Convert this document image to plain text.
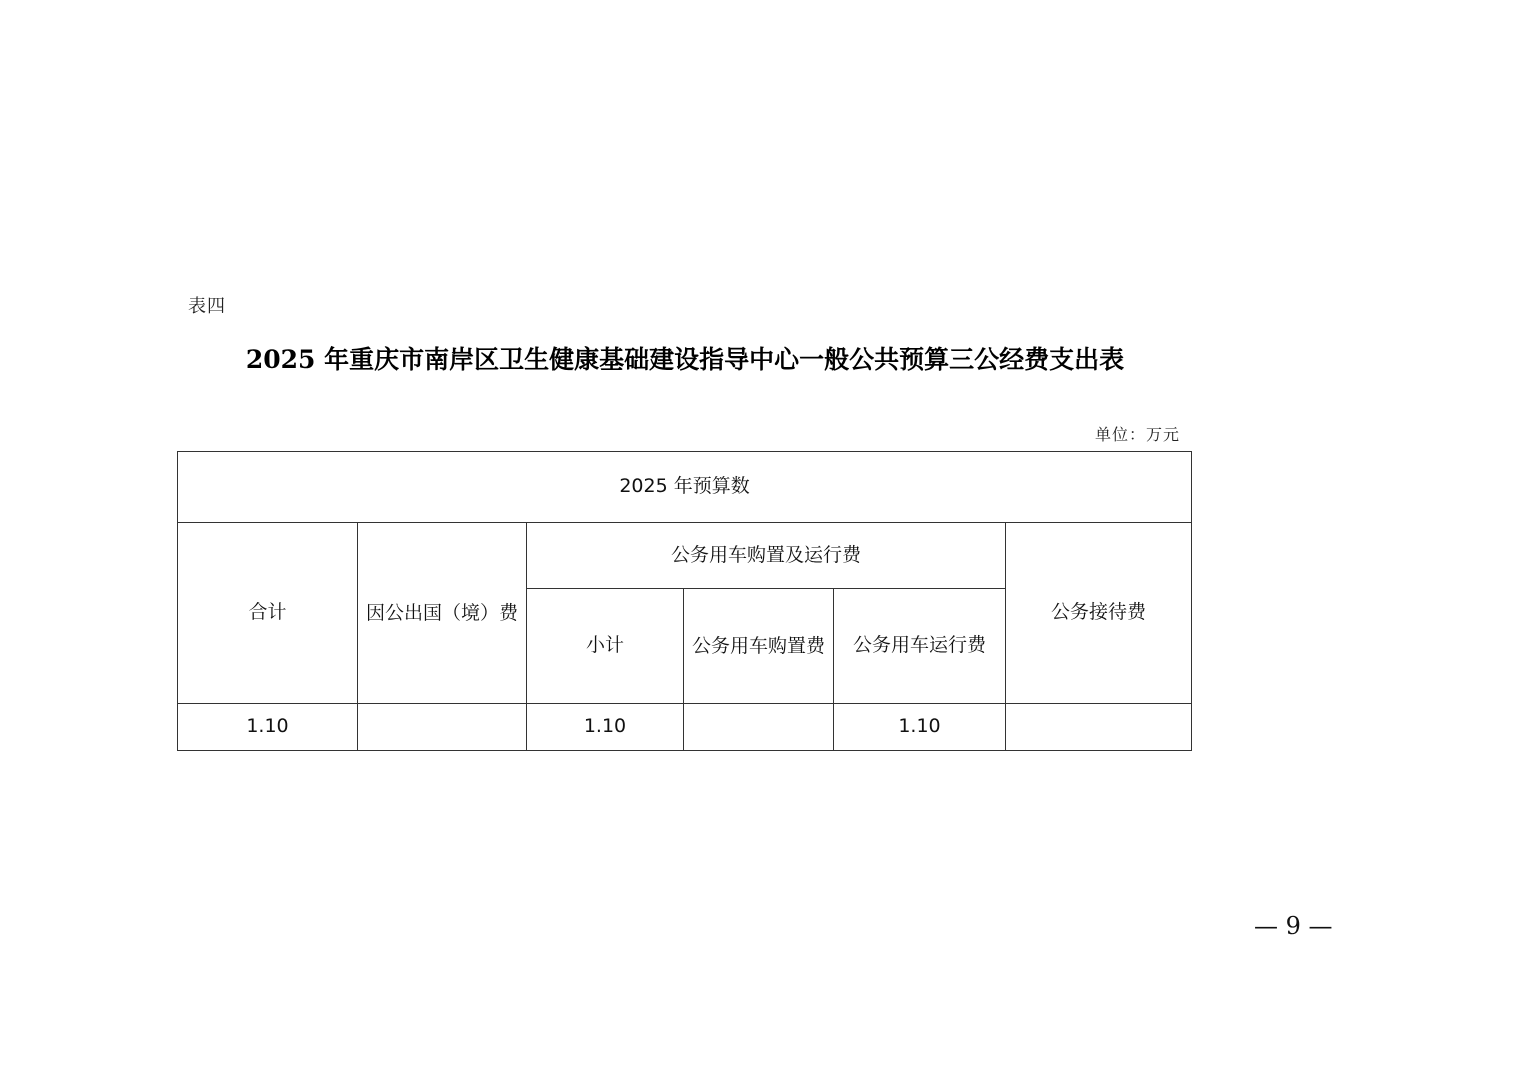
表四
2025 年重庆市南岸区卫生健康基础建设指导中心一般公共预算三公经费支出表
单位：万元
2025 年预算数					
合计	因公出国（境）费	公务用车购置及运行费			公务接待费
		小计	公务用车购置费	公务用车运行费	
1.10		1.10		1.10	
— 9 —
